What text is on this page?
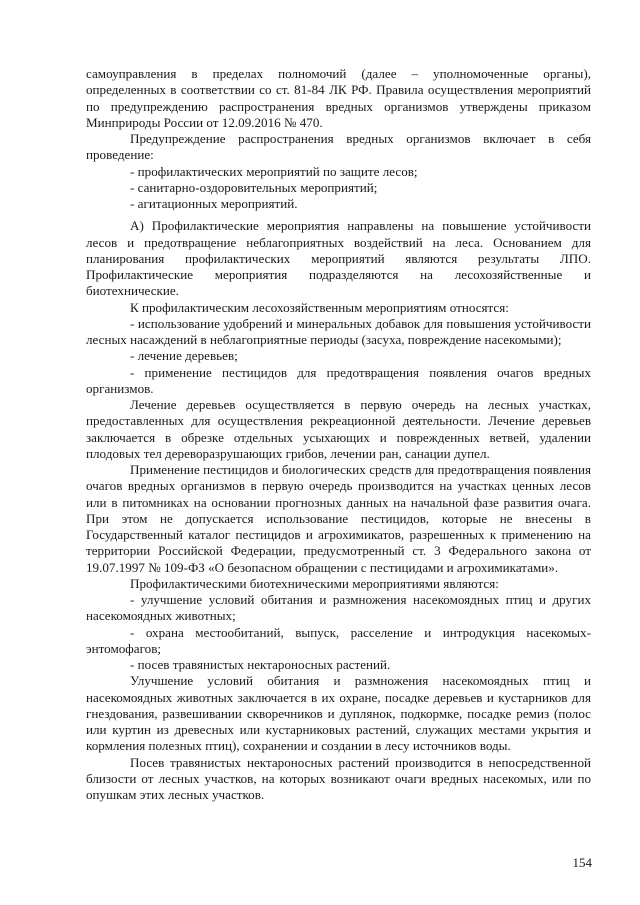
самоуправления в пределах полномочий (далее – уполномоченные органы), определенных в соответствии со ст. 81-84 ЛК РФ. Правила осуществления мероприятий по предупреждению распространения вредных организмов утверждены приказом Минприроды России от 12.09.2016 № 470.

Предупреждение распространения вредных организмов включает в себя проведение:

- профилактических мероприятий по защите лесов;

- санитарно-оздоровительных мероприятий;

- агитационных мероприятий.

А) Профилактические мероприятия направлены на повышение устойчивости лесов и предотвращение неблагоприятных воздействий на леса. Основанием для планирования профилактических мероприятий являются результаты ЛПО. Профилактические мероприятия подразделяются на лесохозяйственные и биотехнические.

К профилактическим лесохозяйственным мероприятиям относятся:

- использование удобрений и минеральных добавок для повышения устойчивости лесных насаждений в неблагоприятные периоды (засуха, повреждение насекомыми);

- лечение деревьев;

- применение пестицидов для предотвращения появления очагов вредных организмов.

Лечение деревьев осуществляется в первую очередь на лесных участках, предоставленных для осуществления рекреационной деятельности. Лечение деревьев заключается в обрезке отдельных усыхающих и поврежденных ветвей, удалении плодовых тел дереворазрушающих грибов, лечении ран, санации дупел.

Применение пестицидов и биологических средств для предотвращения появления очагов вредных организмов в первую очередь производится на участках ценных лесов или в питомниках на основании прогнозных данных на начальной фазе развития очага. При этом не допускается использование пестицидов, которые не внесены в Государственный каталог пестицидов и агрохимикатов, разрешенных к применению на территории Российской Федерации, предусмотренный ст. 3 Федерального закона от 19.07.1997 № 109-ФЗ «О безопасном обращении с пестицидами и агрохимикатами».

Профилактическими биотехническими мероприятиями являются:

- улучшение условий обитания и размножения насекомоядных птиц и других насекомоядных животных;

- охрана местообитаний, выпуск, расселение и интродукция насекомых-энтомофагов;

- посев травянистых нектароносных растений.

Улучшение условий обитания и размножения насекомоядных птиц и насекомоядных животных заключается в их охране, посадке деревьев и кустарников для гнездования, развешивании скворечников и дуплянок, подкормке, посадке ремиз (полос или куртин из древесных или кустарниковых растений, служащих местами укрытия и кормления полезных птиц), сохранении и создании в лесу источников воды.

Посев травянистых нектароносных растений производится в непосредственной близости от лесных участков, на которых возникают очаги вредных насекомых, или по опушкам этих лесных участков.

154
